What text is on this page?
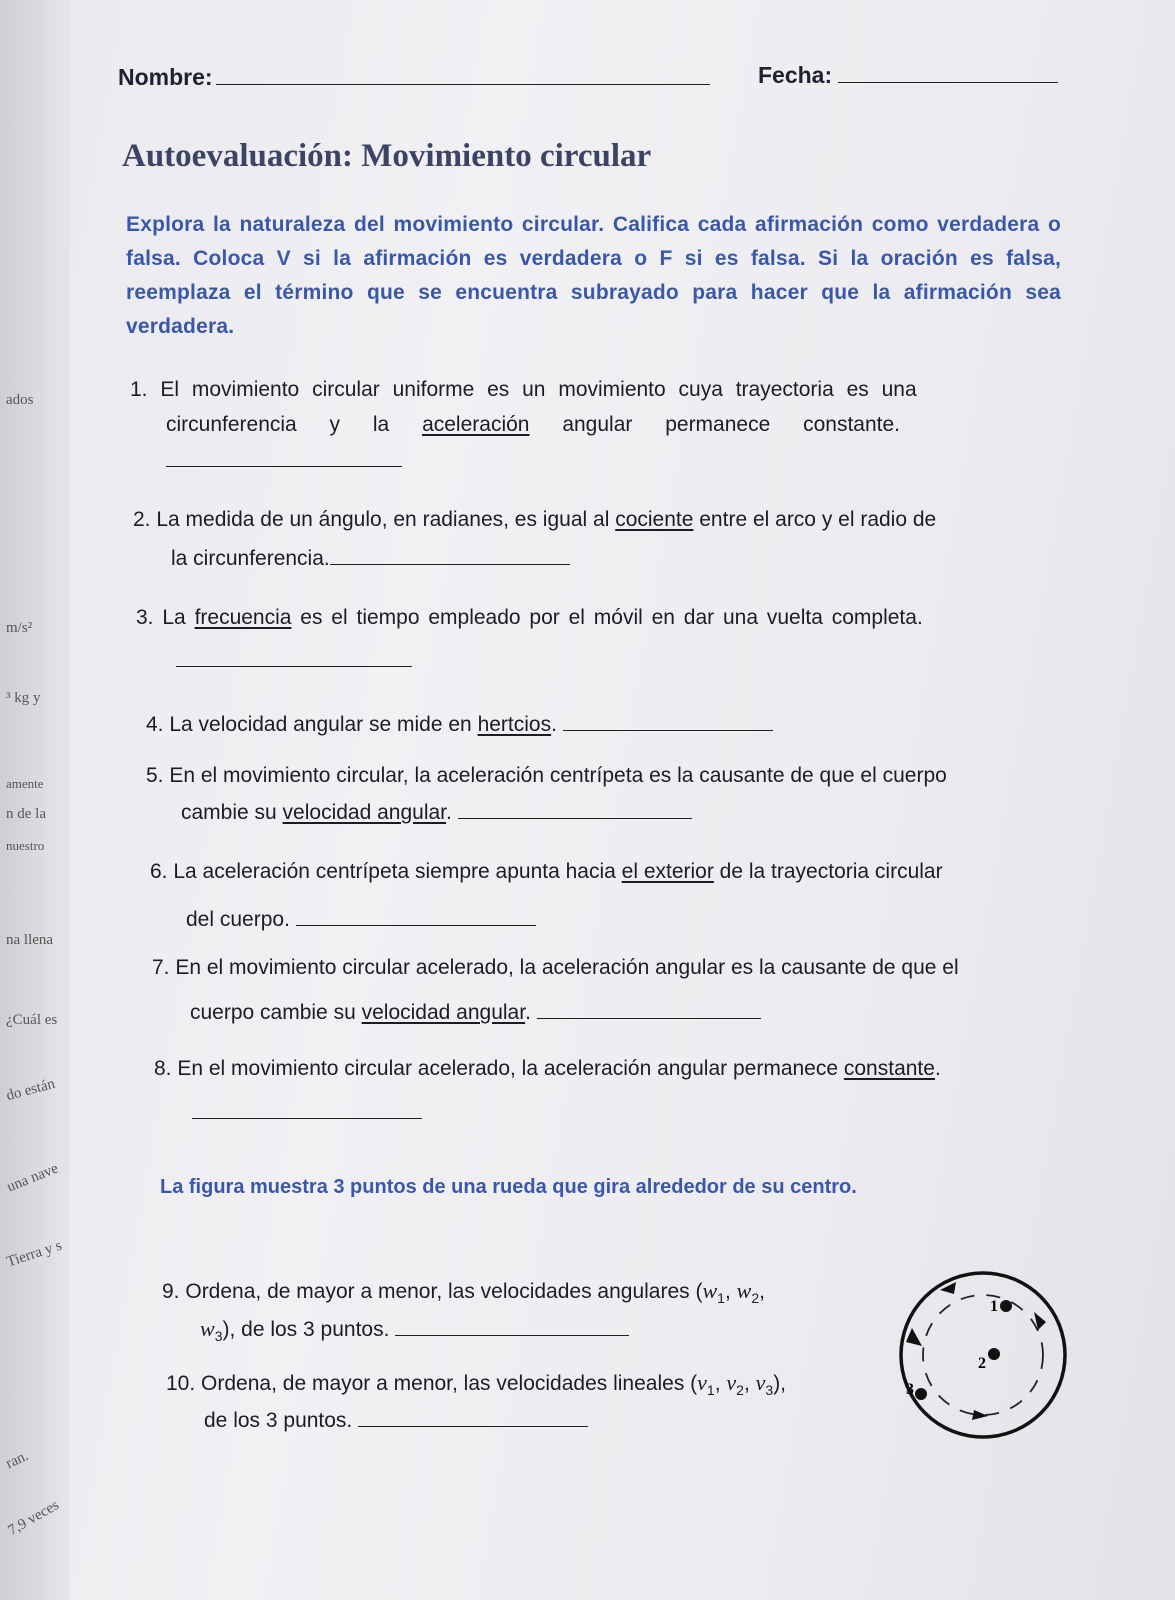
ados
m/s²
³ kg y
amente
n de la
nuestro
na llena
¿Cuál es
do están
una nave
Tierra y s
ran.
7,9 veces
Nombre:	Fecha:
Autoevaluación: Movimiento circular
Explora la naturaleza del movimiento circular. Califica cada afirmación como verdadera o falsa. Coloca V si la afirmación es verdadera o F si es falsa. Si la oración es falsa, reemplaza el término que se encuentra subrayado para hacer que la afirmación sea verdadera.
1. El movimiento circular uniforme es un movimiento cuya trayectoria es una
circunferencia y la aceleración angular permanece constante.
2. La medida de un ángulo, en radianes, es igual al cociente entre el arco y el radio de
la circunferencia.
3. La frecuencia es el tiempo empleado por el móvil en dar una vuelta completa.
4. La velocidad angular se mide en hertcios.
5. En el movimiento circular, la aceleración centrípeta es la causante de que el cuerpo
cambie su velocidad angular.
6. La aceleración centrípeta siempre apunta hacia el exterior de la trayectoria circular
del cuerpo.
7. En el movimiento circular acelerado, la aceleración angular es la causante de que el
cuerpo cambie su velocidad angular.
8. En el movimiento circular acelerado, la aceleración angular permanece constante.
La figura muestra 3 puntos de una rueda que gira alrededor de su centro.
9. Ordena, de mayor a menor, las velocidades angulares ($w_1$, $w_2$,
$w_3$), de los 3 puntos.
10. Ordena, de mayor a menor, las velocidades lineales ($v_1$, $v_2$, $v_3$),
de los 3 puntos.
1
2
3
